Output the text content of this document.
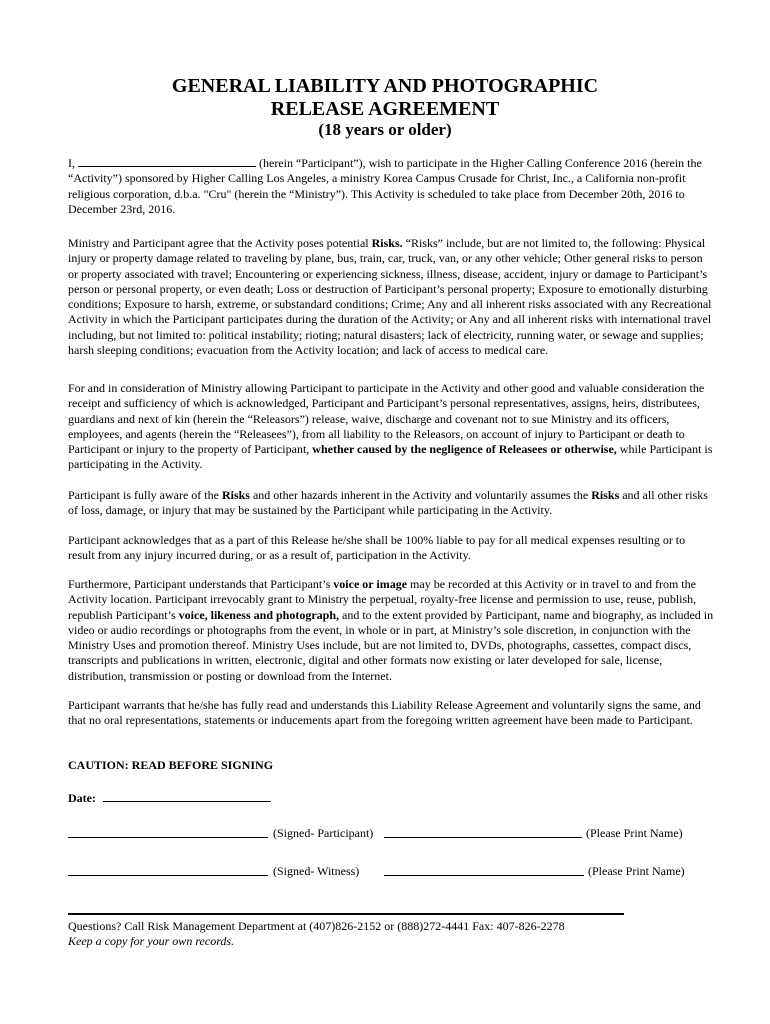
GENERAL LIABILITY AND PHOTOGRAPHIC
RELEASE AGREEMENT
(18 years or older)

I,	(herein “Participant”), wish to participate in the Higher Calling Conference 2016 (herein the “Activity”) sponsored by Higher Calling Los Angeles, a ministry Korea Campus Crusade for Christ, Inc., a California non-profit religious corporation, d.b.a. "Cru" (herein the “Ministry”). This Activity is scheduled to take place from December 20th, 2016 to December 23rd, 2016.

Ministry and Participant agree that the Activity poses potential Risks. “Risks” include, but are not limited to, the following: Physical injury or property damage related to traveling by plane, bus, train, car, truck, van, or any other vehicle; Other general risks to person or property associated with travel; Encountering or experiencing sickness, illness, disease, accident, injury or damage to Participant’s person or personal property, or even death; Loss or destruction of Participant’s personal property; Exposure to emotionally disturbing conditions; Exposure to harsh, extreme, or substandard conditions; Crime; Any and all inherent risks associated with any Recreational Activity in which the Participant participates during the duration of the Activity; or Any and all inherent risks with international travel including, but not limited to: political instability; rioting; natural disasters; lack of electricity, running water, or sewage and supplies; harsh sleeping conditions; evacuation from the Activity location; and lack of access to medical care.

For and in consideration of Ministry allowing Participant to participate in the Activity and other good and valuable consideration the receipt and sufficiency of which is acknowledged, Participant and Participant’s personal representatives, assigns, heirs, distributees, guardians and next of kin (herein the “Releasors”) release, waive, discharge and covenant not to sue Ministry and its officers, employees, and agents (herein the “Releasees”), from all liability to the Releasors, on account of injury to Participant or death to Participant or injury to the property of Participant, whether caused by the negligence of Releasees or otherwise, while Participant is participating in the Activity.

Participant is fully aware of the Risks and other hazards inherent in the Activity and voluntarily assumes the Risks and all other risks of loss, damage, or injury that may be sustained by the Participant while participating in the Activity.

Participant acknowledges that as a part of this Release he/she shall be 100% liable to pay for all medical expenses resulting or to result from any injury incurred during, or as a result of, participation in the Activity.

Furthermore, Participant understands that Participant’s voice or image may be recorded at this Activity or in travel to and from the Activity location. Participant irrevocably grant to Ministry the perpetual, royalty-free license and permission to use, reuse, publish, republish Participant’s voice, likeness and photograph, and to the extent provided by Participant, name and biography, as included in video or audio recordings or photographs from the event, in whole or in part, at Ministry’s sole discretion, in conjunction with the Ministry Uses and promotion thereof. Ministry Uses include, but are not limited to, DVDs, photographs, cassettes, compact discs, transcripts and publications in written, electronic, digital and other formats now existing or later developed for sale, license, distribution, transmission or posting or download from the Internet.

Participant warrants that he/she has fully read and understands this Liability Release Agreement and voluntarily signs the same, and that no oral representations, statements or inducements apart from the foregoing written agreement have been made to Participant.

CAUTION: READ BEFORE SIGNING
Date:
(Signed- Participant)	(Please Print Name)
(Signed- Witness)	(Please Print Name)
Questions? Call Risk Management Department at (407)826-2152 or (888)272-4441 Fax: 407-826-2278
Keep a copy for your own records.
